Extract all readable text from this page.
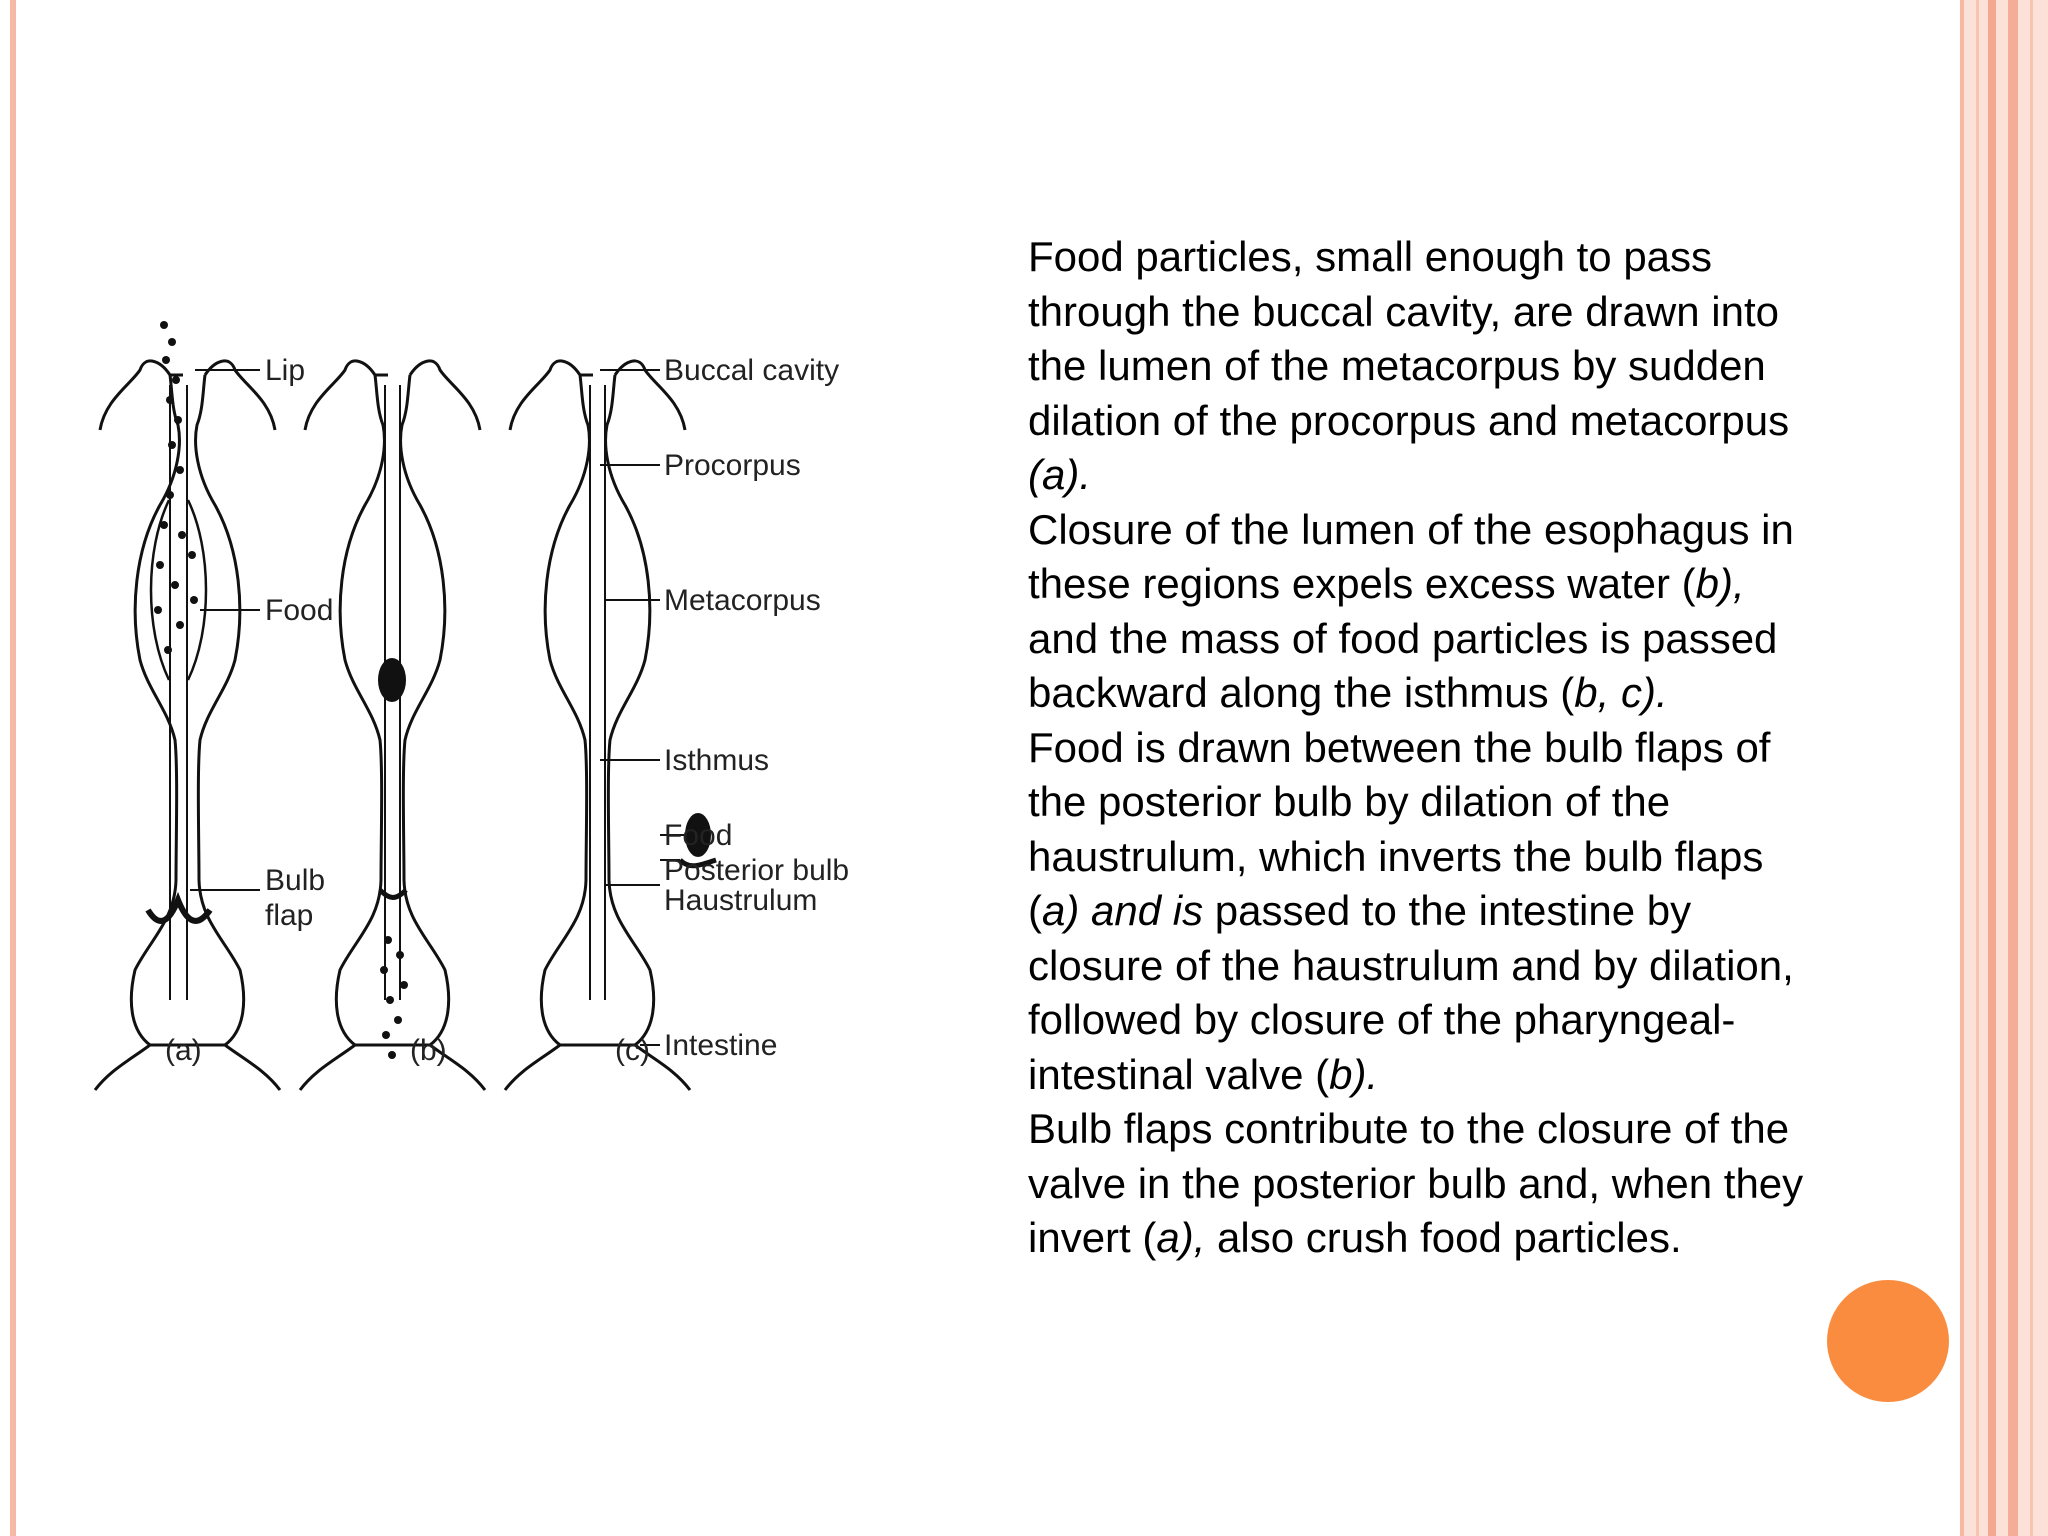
Lip
Food
Bulb
flap
Buccal cavity
Procorpus
Metacorpus
Isthmus
Food
Posterior bulb
Haustrulum
Intestine
(a)	(b)	(c)

Food particles, small enough to pass through the buccal cavity, are drawn into the lumen of the metacorpus by sudden dilation of the procorpus and metacorpus (a).

Closure of the lumen of the esophagus in these regions expels excess water (b), and the mass of food particles is passed backward along the isthmus (b, c).

Food is drawn between the bulb flaps of the posterior bulb by dilation of the haustrulum, which inverts the bulb flaps (a) and is passed to the intestine by closure of the haustrulum and by dilation, followed by closure of the pharyngeal-intestinal valve (b).

Bulb flaps contribute to the closure of the valve in the posterior bulb and, when they invert (a), also crush food particles.
